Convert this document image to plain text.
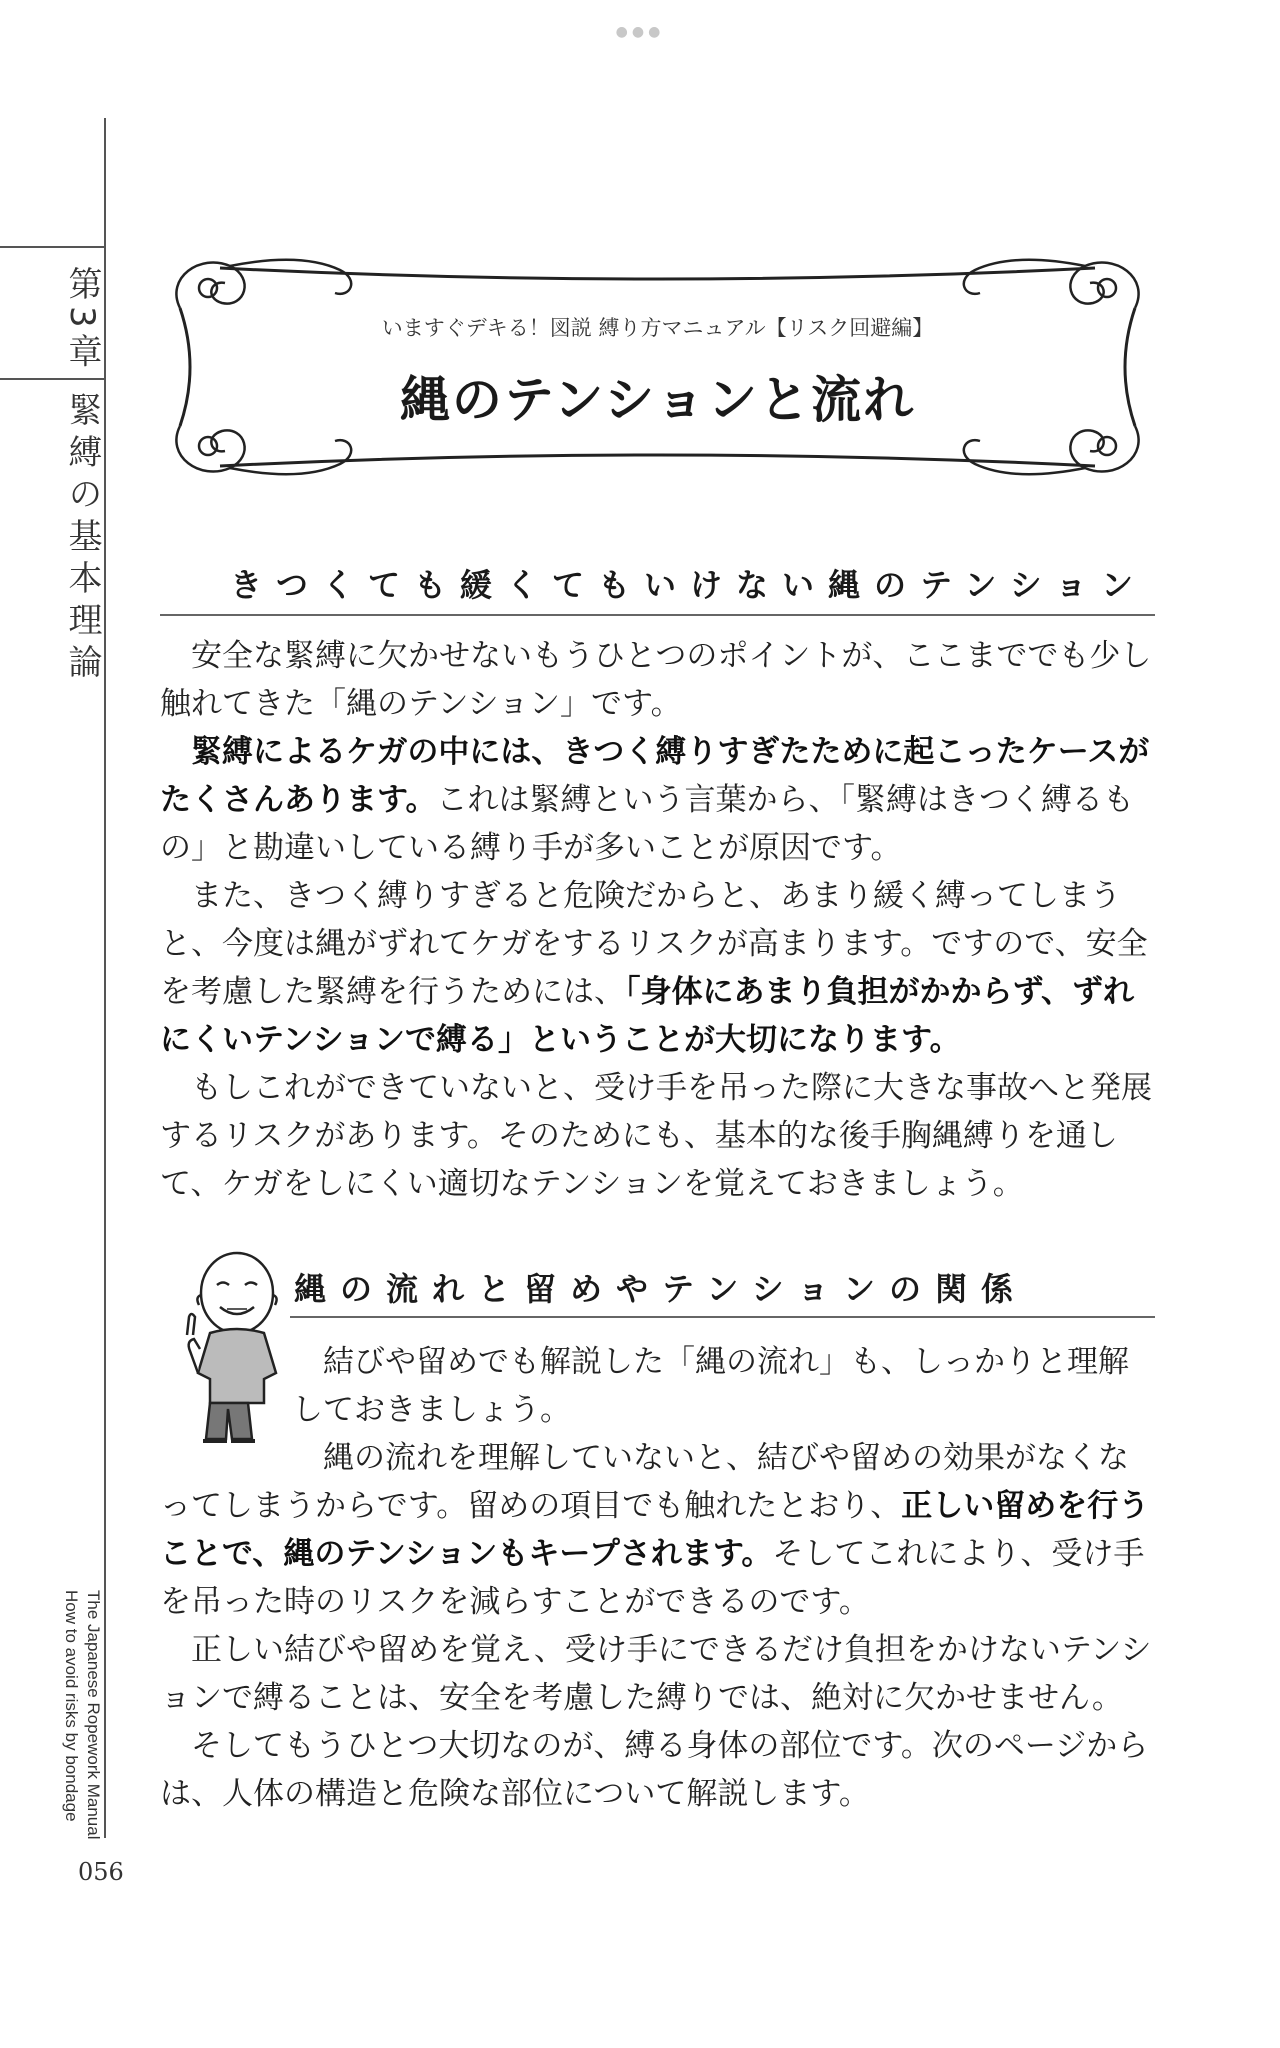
●●●
第3章
緊縛の基本理論
The Japanese Ropework Manual
How to avoid risks by bondage
056
いますぐデキる！図説 縛り方マニュアル【リスク回避編】
縄のテンションと流れ
きつくても緩くてもいけない縄のテンション
　安全な緊縛に欠かせないもうひとつのポイントが、ここまででも少し触れてきた「縄のテンション」です。
　緊縛によるケガの中には、きつく縛りすぎたために起こったケースがたくさんあります。これは緊縛という言葉から、「緊縛はきつく縛るもの」と勘違いしている縛り手が多いことが原因です。
　また、きつく縛りすぎると危険だからと、あまり緩く縛ってしまうと、今度は縄がずれてケガをするリスクが高まります。ですので、安全を考慮した緊縛を行うためには、「身体にあまり負担がかからず、ずれにくいテンションで縛る」ということが大切になります。
　もしこれができていないと、受け手を吊った際に大きな事故へと発展するリスクがあります。そのためにも、基本的な後手胸縄縛りを通して、ケガをしにくい適切なテンションを覚えておきましょう。
縄の流れと留めやテンションの関係
　結びや留めでも解説した「縄の流れ」も、しっかりと理解しておきましょう。
　縄の流れを理解していないと、結びや留めの効果がなくなってしまうからです。留めの項目でも触れたとおり、正しい留めを行うことで、縄のテンションもキープされます。そしてこれにより、受け手を吊った時のリスクを減らすことができるのです。
　正しい結びや留めを覚え、受け手にできるだけ負担をかけないテンションで縛ることは、安全を考慮した縛りでは、絶対に欠かせません。
　そしてもうひとつ大切なのが、縛る身体の部位です。次のページからは、人体の構造と危険な部位について解説します。
